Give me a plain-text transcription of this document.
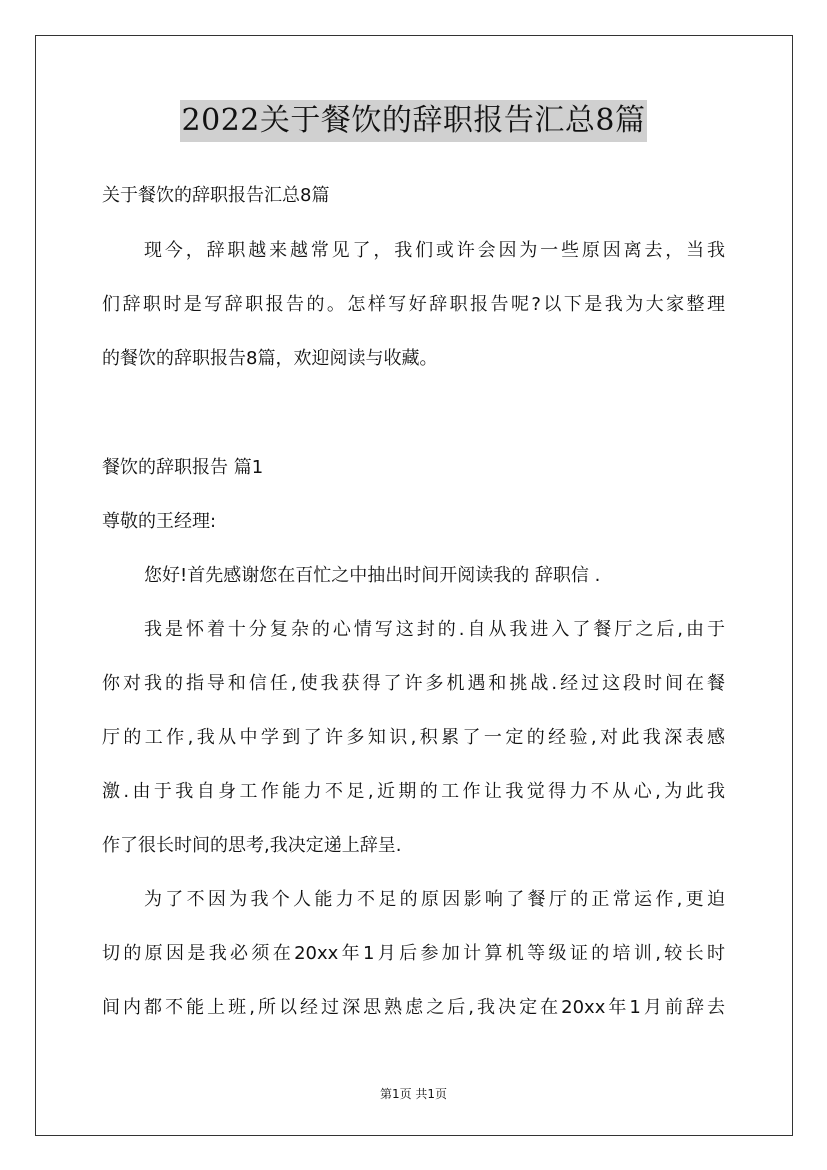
2022关于餐饮的辞职报告汇总8篇
关于餐饮的辞职报告汇总8篇
现今，辞职越来越常见了，我们或许会因为一些原因离去，当我
们辞职时是写辞职报告的。怎样写好辞职报告呢?以下是我为大家整理
的餐饮的辞职报告8篇，欢迎阅读与收藏。
餐饮的辞职报告 篇1
尊敬的王经理:
您好!首先感谢您在百忙之中抽出时间开阅读我的 辞职信 .
我是怀着十分复杂的心情写这封的.自从我进入了餐厅之后,由于
你对我的指导和信任,使我获得了许多机遇和挑战.经过这段时间在餐
厅的工作,我从中学到了许多知识,积累了一定的经验,对此我深表感
激.由于我自身工作能力不足,近期的工作让我觉得力不从心,为此我
作了很长时间的思考,我决定递上辞呈.
为了不因为我个人能力不足的原因影响了餐厅的正常运作,更迫
切的原因是我必须在20xx年1月后参加计算机等级证的培训,较长时
间内都不能上班,所以经过深思熟虑之后,我决定在20xx年1月前辞去
第1页 共1页
